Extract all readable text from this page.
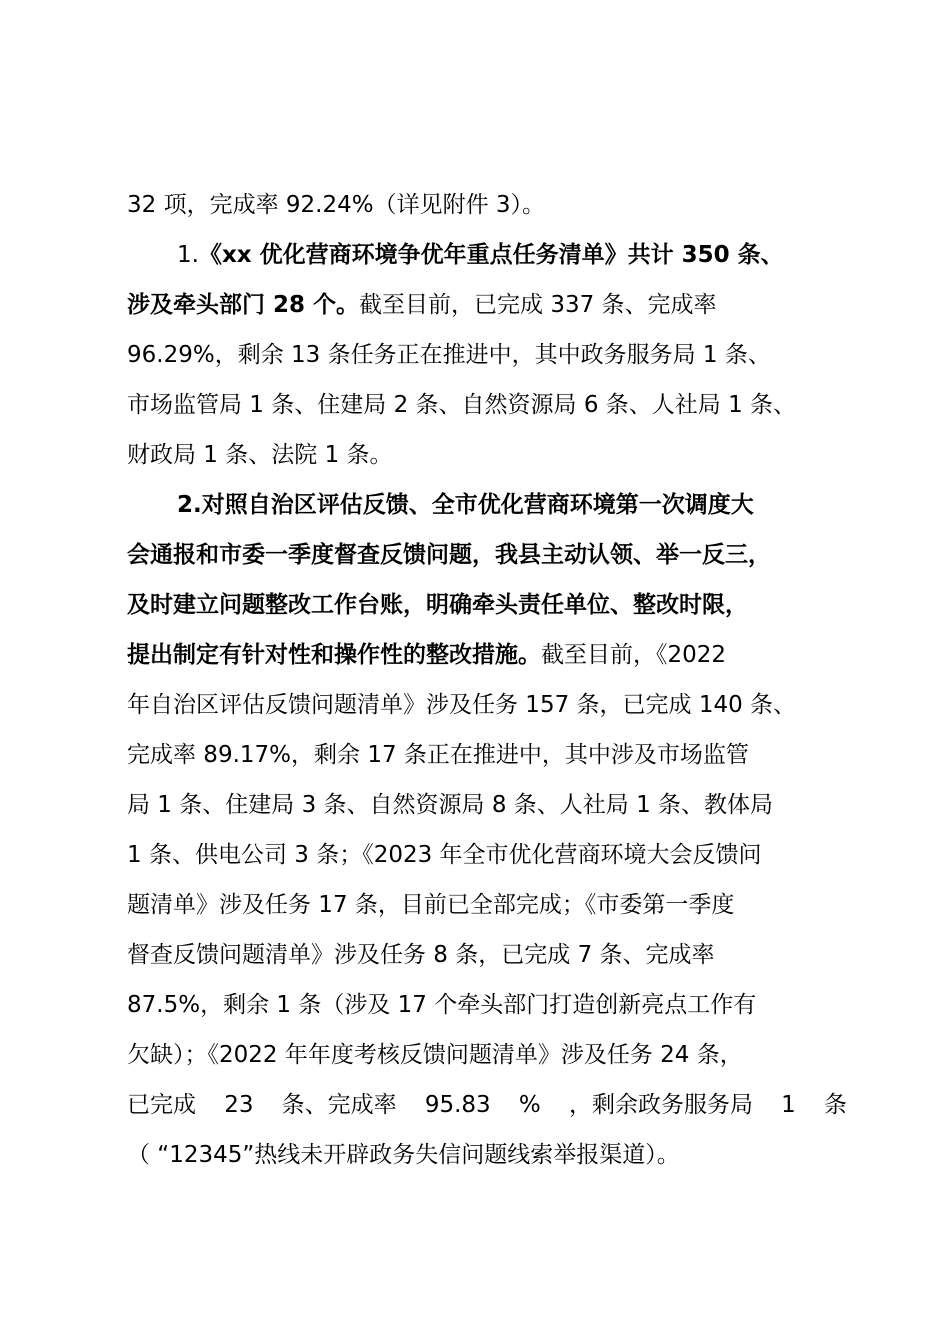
32 项，完成率 92.24%（详见附件 3）。
1.《xx 优化营商环境争优年重点任务清单》共计 350 条、
涉及牵头部门 28 个。截至目前，已完成 337 条、完成率
96.29%，剩余 13 条任务正在推进中，其中政务服务局 1 条、
市场监管局 1 条、住建局 2 条、自然资源局 6 条、人社局 1 条、
财政局 1 条、法院 1 条。
2.对照自治区评估反馈、全市优化营商环境第一次调度大
会通报和市委一季度督查反馈问题，我县主动认领、举一反三，
及时建立问题整改工作台账，明确牵头责任单位、整改时限，
提出制定有针对性和操作性的整改措施。截至目前，《2022
年自治区评估反馈问题清单》涉及任务 157 条，已完成 140 条、
完成率 89.17%，剩余 17 条正在推进中，其中涉及市场监管
局 1 条、住建局 3 条、自然资源局 8 条、人社局 1 条、教体局
1 条、供电公司 3 条；《2023 年全市优化营商环境大会反馈问
题清单》涉及任务 17 条，目前已全部完成；《市委第一季度
督查反馈问题清单》涉及任务 8 条，已完成 7 条、完成率
87.5%，剩余 1 条（涉及 17 个牵头部门打造创新亮点工作有
欠缺）；《2022 年年度考核反馈问题清单》涉及任务 24 条，
已完成 23 条、完成率 95.83 % ，剩余政务服务局 1 条
（ “12345”热线未开辟政务失信问题线索举报渠道）。
